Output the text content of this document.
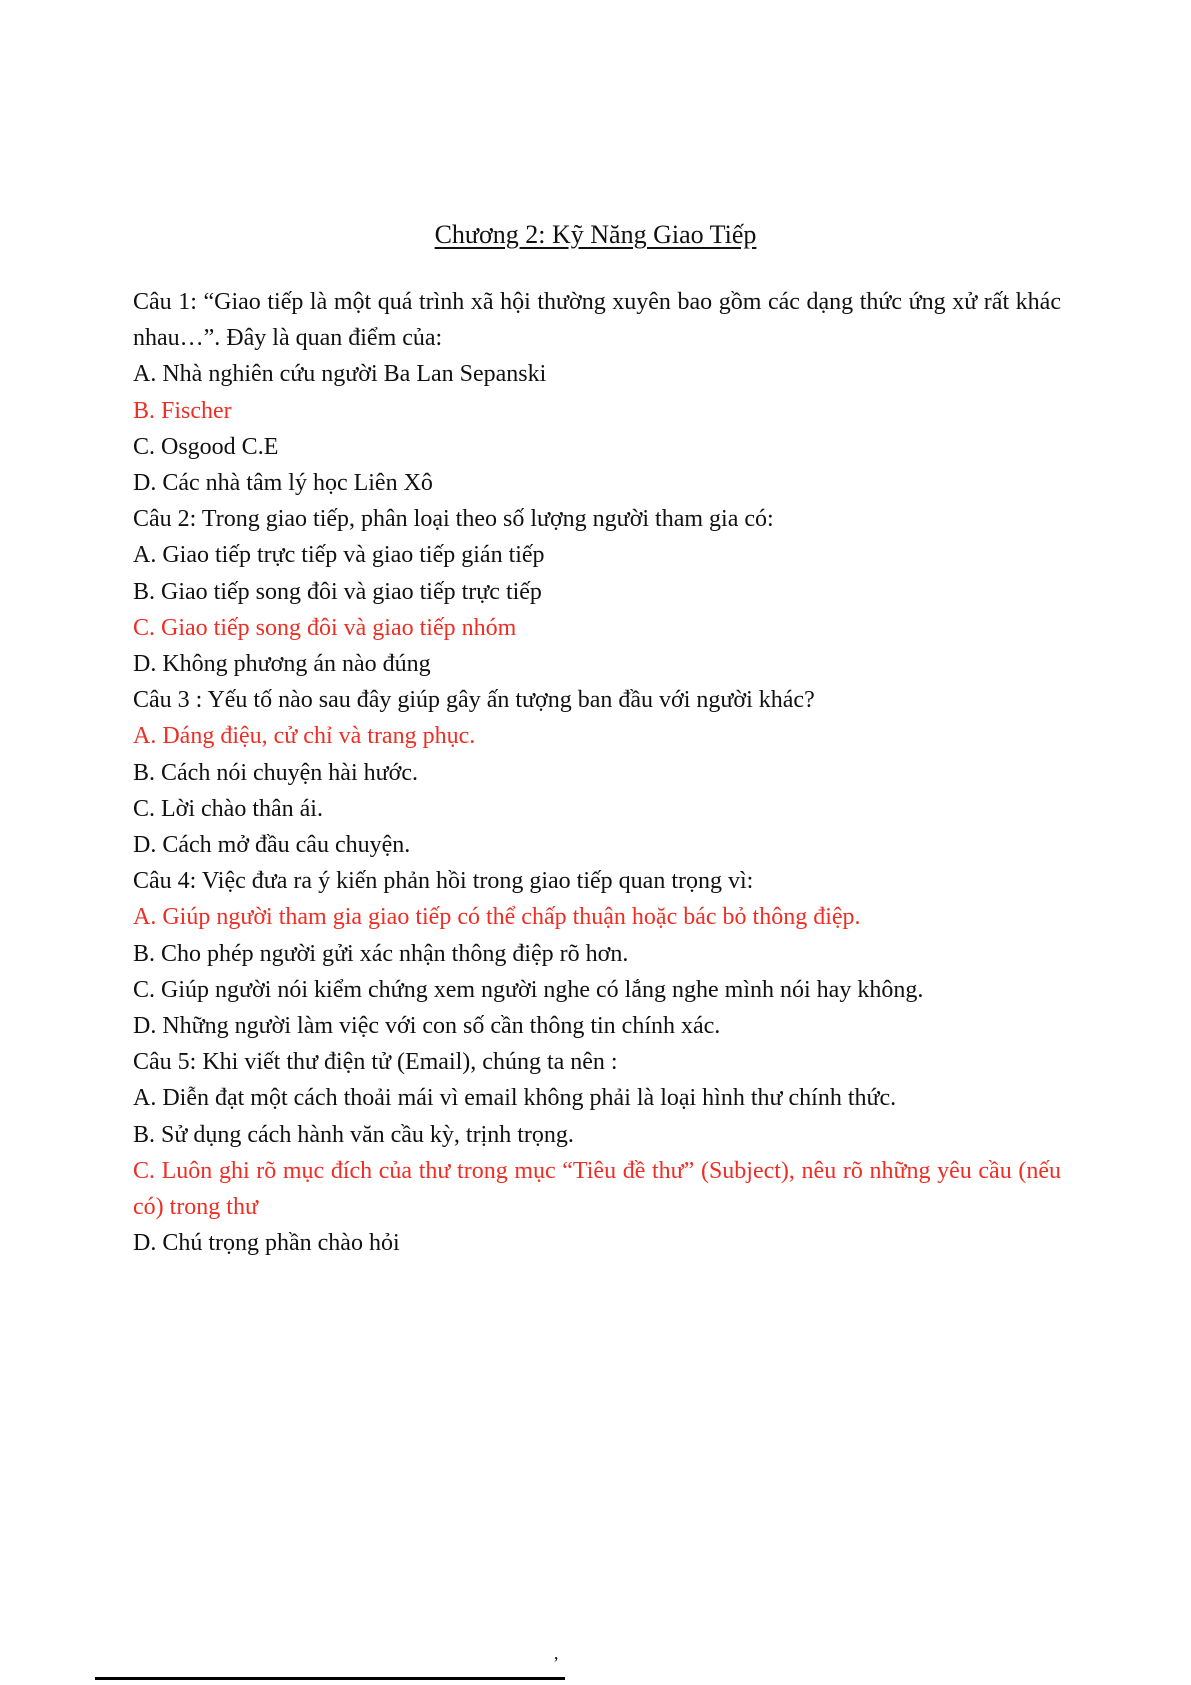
Chương 2: Kỹ Năng Giao Tiếp

Câu 1: “Giao tiếp là một quá trình xã hội thường xuyên bao gồm các dạng thức ứng xử rất khác nhau…”. Đây là quan điểm của:

A. Nhà nghiên cứu người Ba Lan Sepanski

B. Fischer

C. Osgood C.E

D. Các nhà tâm lý học Liên Xô

Câu 2: Trong giao tiếp, phân loại theo số lượng người tham gia có:

A. Giao tiếp trực tiếp và giao tiếp gián tiếp

B. Giao tiếp song đôi và giao tiếp trực tiếp

C. Giao tiếp song đôi và giao tiếp nhóm

D. Không phương án nào đúng

Câu 3 : Yếu tố nào sau đây giúp gây ấn tượng ban đầu với người khác?

A. Dáng điệu, cử chỉ và trang phục.

B. Cách nói chuyện hài hước.

C. Lời chào thân ái.

D. Cách mở đầu câu chuyện.

Câu 4: Việc đưa ra ý kiến phản hồi trong giao tiếp quan trọng vì:

A. Giúp người tham gia giao tiếp có thể chấp thuận hoặc bác bỏ thông điệp.

B. Cho phép người gửi xác nhận thông điệp rõ hơn.

C. Giúp người nói kiểm chứng xem người nghe có lắng nghe mình nói hay không.

D. Những người làm việc với con số cần thông tin chính xác.

Câu 5: Khi viết thư điện tử (Email), chúng ta nên :

A. Diễn đạt một cách thoải mái vì email không phải là loại hình thư chính thức.

B. Sử dụng cách hành văn cầu kỳ, trịnh trọng.

C. Luôn ghi rõ mục đích của thư trong mục “Tiêu đề thư” (Subject), nêu rõ những yêu cầu (nếu có) trong thư

D. Chú trọng phần chào hỏi

’
